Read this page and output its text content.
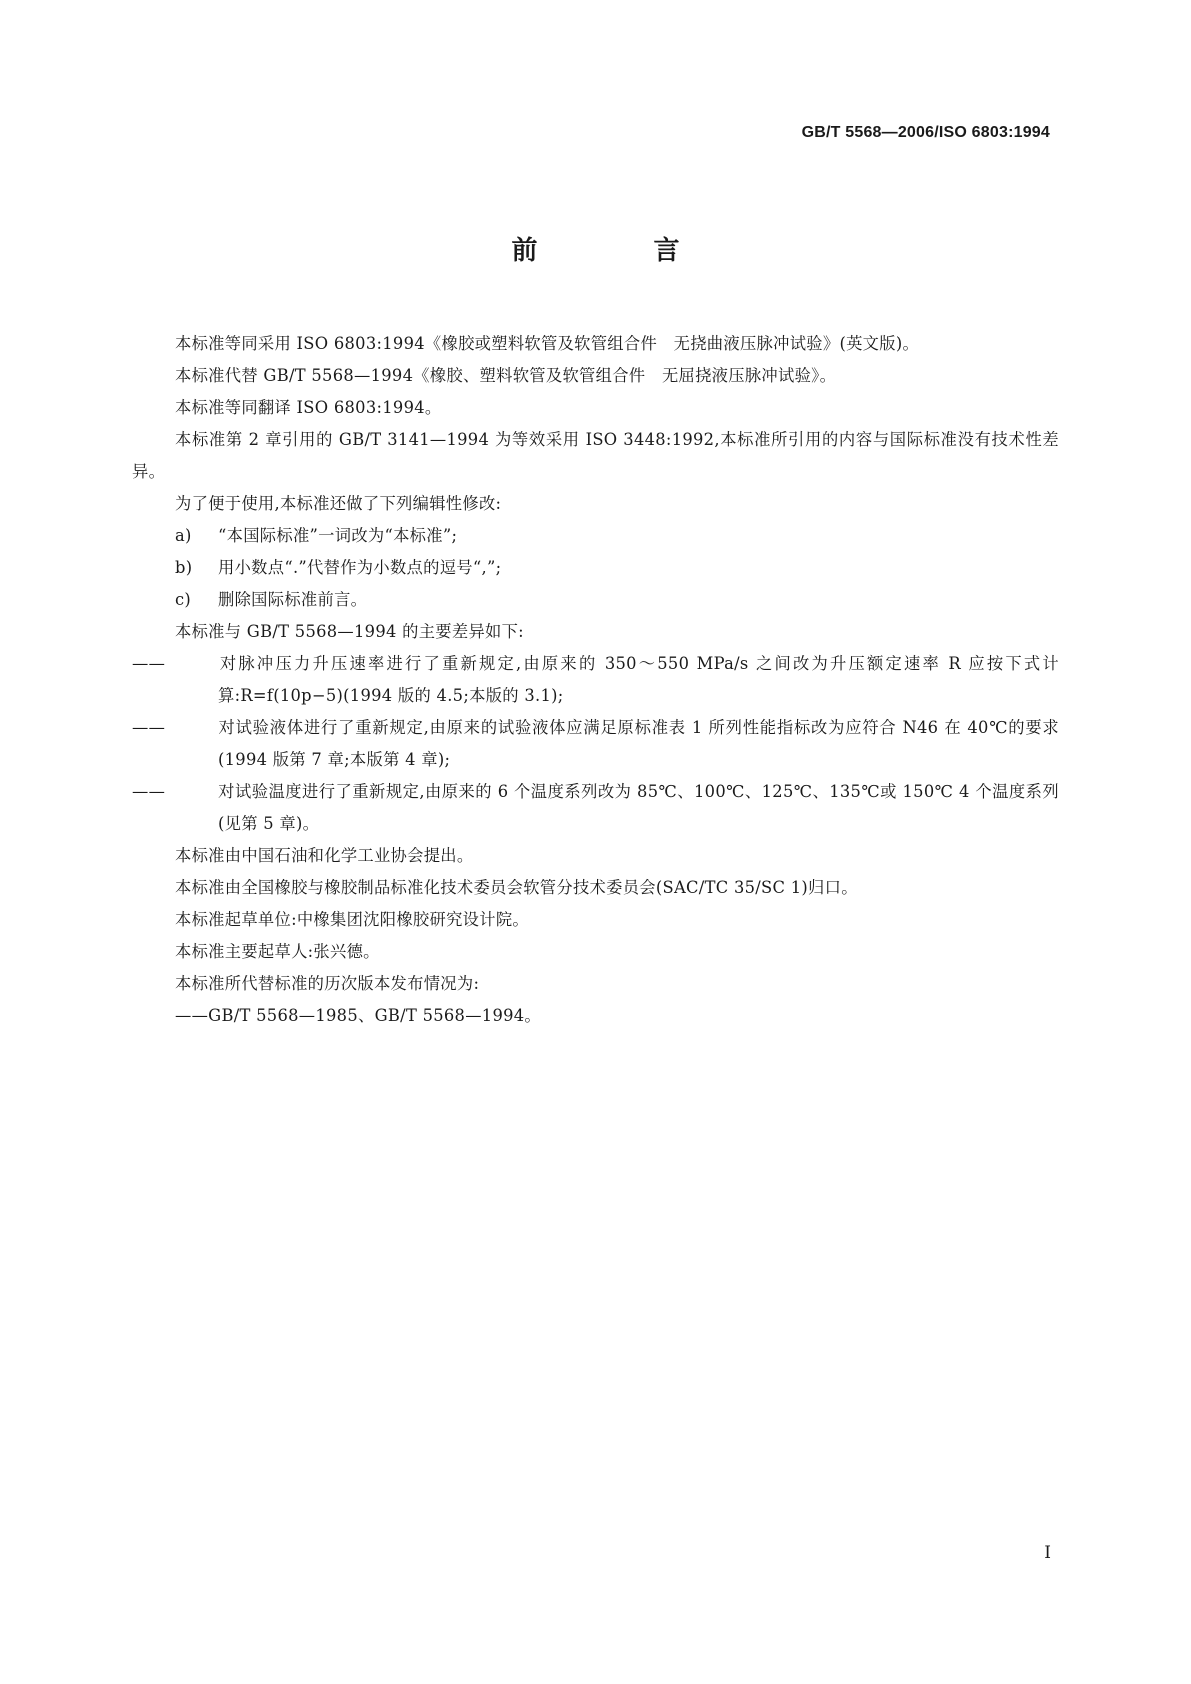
GB/T 5568—2006/ISO 6803:1994
前　言
本标准等同采用 ISO 6803:1994《橡胶或塑料软管及软管组合件　无挠曲液压脉冲试验》(英文版)。
本标准代替 GB/T 5568—1994《橡胶、塑料软管及软管组合件　无屈挠液压脉冲试验》。
本标准等同翻译 ISO 6803:1994。
本标准第 2 章引用的 GB/T 3141—1994 为等效采用 ISO 3448:1992,本标准所引用的内容与国际标准没有技术性差异。
为了便于使用,本标准还做了下列编辑性修改:
a) “本国际标准”一词改为“本标准”;
b) 用小数点“.”代替作为小数点的逗号“,”;
c) 删除国际标准前言。
本标准与 GB/T 5568—1994 的主要差异如下:
——	对脉冲压力升压速率进行了重新规定,由原来的 350～550 MPa/s 之间改为升压额定速率 R 应按下式计算:R=f(10p−5)(1994 版的 4.5;本版的 3.1);
——	对试验液体进行了重新规定,由原来的试验液体应满足原标准表 1 所列性能指标改为应符合 N46 在 40℃的要求(1994 版第 7 章;本版第 4 章);
——	对试验温度进行了重新规定,由原来的 6 个温度系列改为 85℃、100℃、125℃、135℃或 150℃ 4 个温度系列(见第 5 章)。
本标准由中国石油和化学工业协会提出。
本标准由全国橡胶与橡胶制品标准化技术委员会软管分技术委员会(SAC/TC 35/SC 1)归口。
本标准起草单位:中橡集团沈阳橡胶研究设计院。
本标准主要起草人:张兴德。
本标准所代替标准的历次版本发布情况为:
——GB/T 5568—1985、GB/T 5568—1994。
I
